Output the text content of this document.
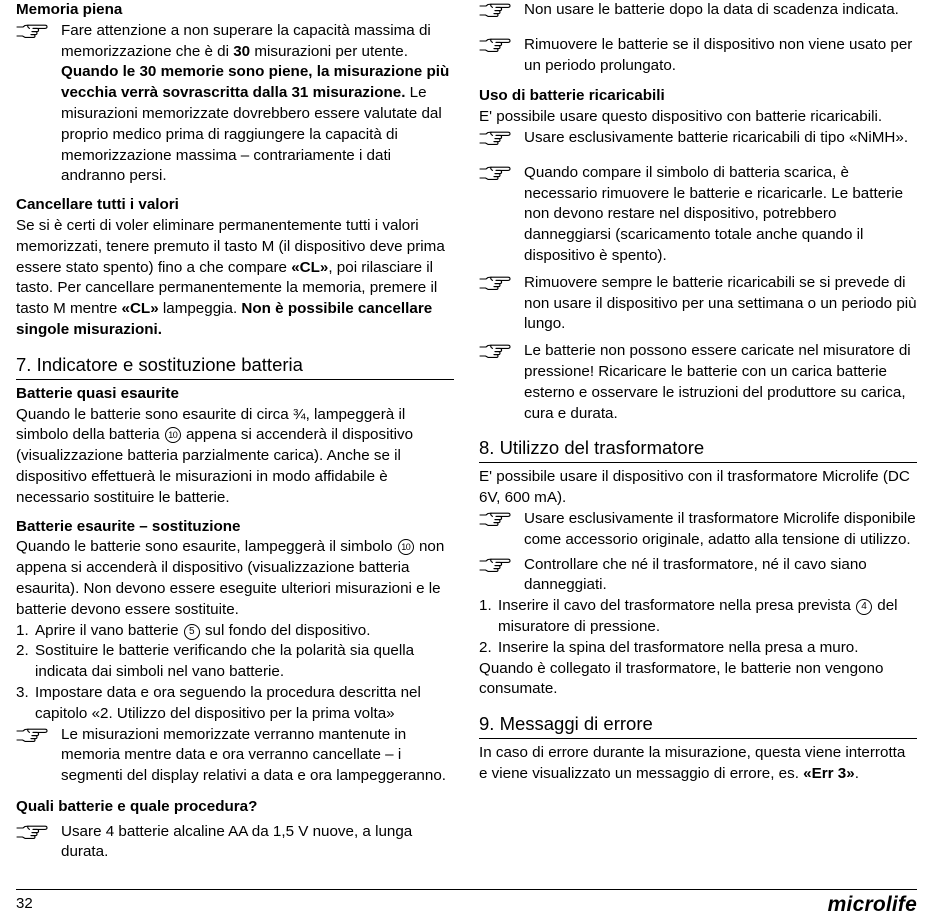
Memoria piena

Fare attenzione a non superare la capacità massima di memorizzazione che è di 30 misurazioni per utente. Quando le 30 memorie sono piene, la misurazione più vecchia verrà sovrascritta dalla 31 misurazione. Le misurazioni memorizzate dovrebbero essere valutate dal proprio medico prima di raggiungere la capacità di memorizzazione massima – contrariamente i dati andranno persi.

Cancellare tutti i valori

Se si è certi di voler eliminare permanentemente tutti i valori memorizzati, tenere premuto il tasto M (il dispositivo deve prima essere stato spento) fino a che compare «CL», poi rilasciare il tasto. Per cancellare permanentemente la memoria, premere il tasto M mentre «CL» lampeggia. Non è possibile cancellare singole misurazioni.

7. Indicatore e sostituzione batteria

Batterie quasi esaurite

Quando le batterie sono esaurite di circa ¾, lampeggerà il simbolo della batteria 10 appena si accenderà il dispositivo (visualizzazione batteria parzialmente carica). Anche se il dispositivo effettuerà le misurazioni in modo affidabile è necessario sostituire le batterie.

Batterie esaurite – sostituzione

Quando le batterie sono esaurite, lampeggerà il simbolo 10 non appena si accenderà il dispositivo (visualizzazione batteria esaurita). Non devono essere eseguite ulteriori misurazioni e le batterie devono essere sostituite.

1. Aprire il vano batterie 5 sul fondo del dispositivo.
2. Sostituire le batterie verificando che la polarità sia quella indicata dai simboli nel vano batterie.
3. Impostare data e ora seguendo la procedura descritta nel capitolo «2. Utilizzo del dispositivo per la prima volta»
Le misurazioni memorizzate verranno mantenute in memoria mentre data e ora verranno cancellate – i segmenti del display relativi a data e ora lampeggeranno.

Quali batterie e quale procedura?

Usare 4 batterie alcaline AA da 1,5 V nuove, a lunga durata.
Non usare le batterie dopo la data di scadenza indicata.
Rimuovere le batterie se il dispositivo non viene usato per un periodo prolungato.

Uso di batterie ricaricabili

E' possibile usare questo dispositivo con batterie ricaricabili.

Usare esclusivamente batterie ricaricabili di tipo «NiMH».
Quando compare il simbolo di batteria scarica, è necessario rimuovere le batterie e ricaricarle. Le batterie non devono restare nel dispositivo, potrebbero danneggiarsi (scaricamento totale anche quando il dispositivo è spento).
Rimuovere sempre le batterie ricaricabili se si prevede di non usare il dispositivo per una settimana o un periodo più lungo.
Le batterie non possono essere caricate nel misuratore di pressione! Ricaricare le batterie con un carica batterie esterno e osservare le istruzioni del produttore su carica, cura e durata.
8. Utilizzo del trasformatore

E' possibile usare il dispositivo con il trasformatore Microlife (DC 6V, 600 mA).

Usare esclusivamente il trasformatore Microlife disponibile come accessorio originale, adatto alla tensione di utilizzo.
Controllare che né il trasformatore, né il cavo siano danneggiati.
1. Inserire il cavo del trasformatore nella presa prevista 4 del misuratore di pressione.
2. Inserire la spina del trasformatore nella presa a muro.

Quando è collegato il trasformatore, le batterie non vengono consumate.

9. Messaggi di errore

In caso di errore durante la misurazione, questa viene interrotta e viene visualizzato un messaggio di errore, es. «Err 3».

32	microlife
